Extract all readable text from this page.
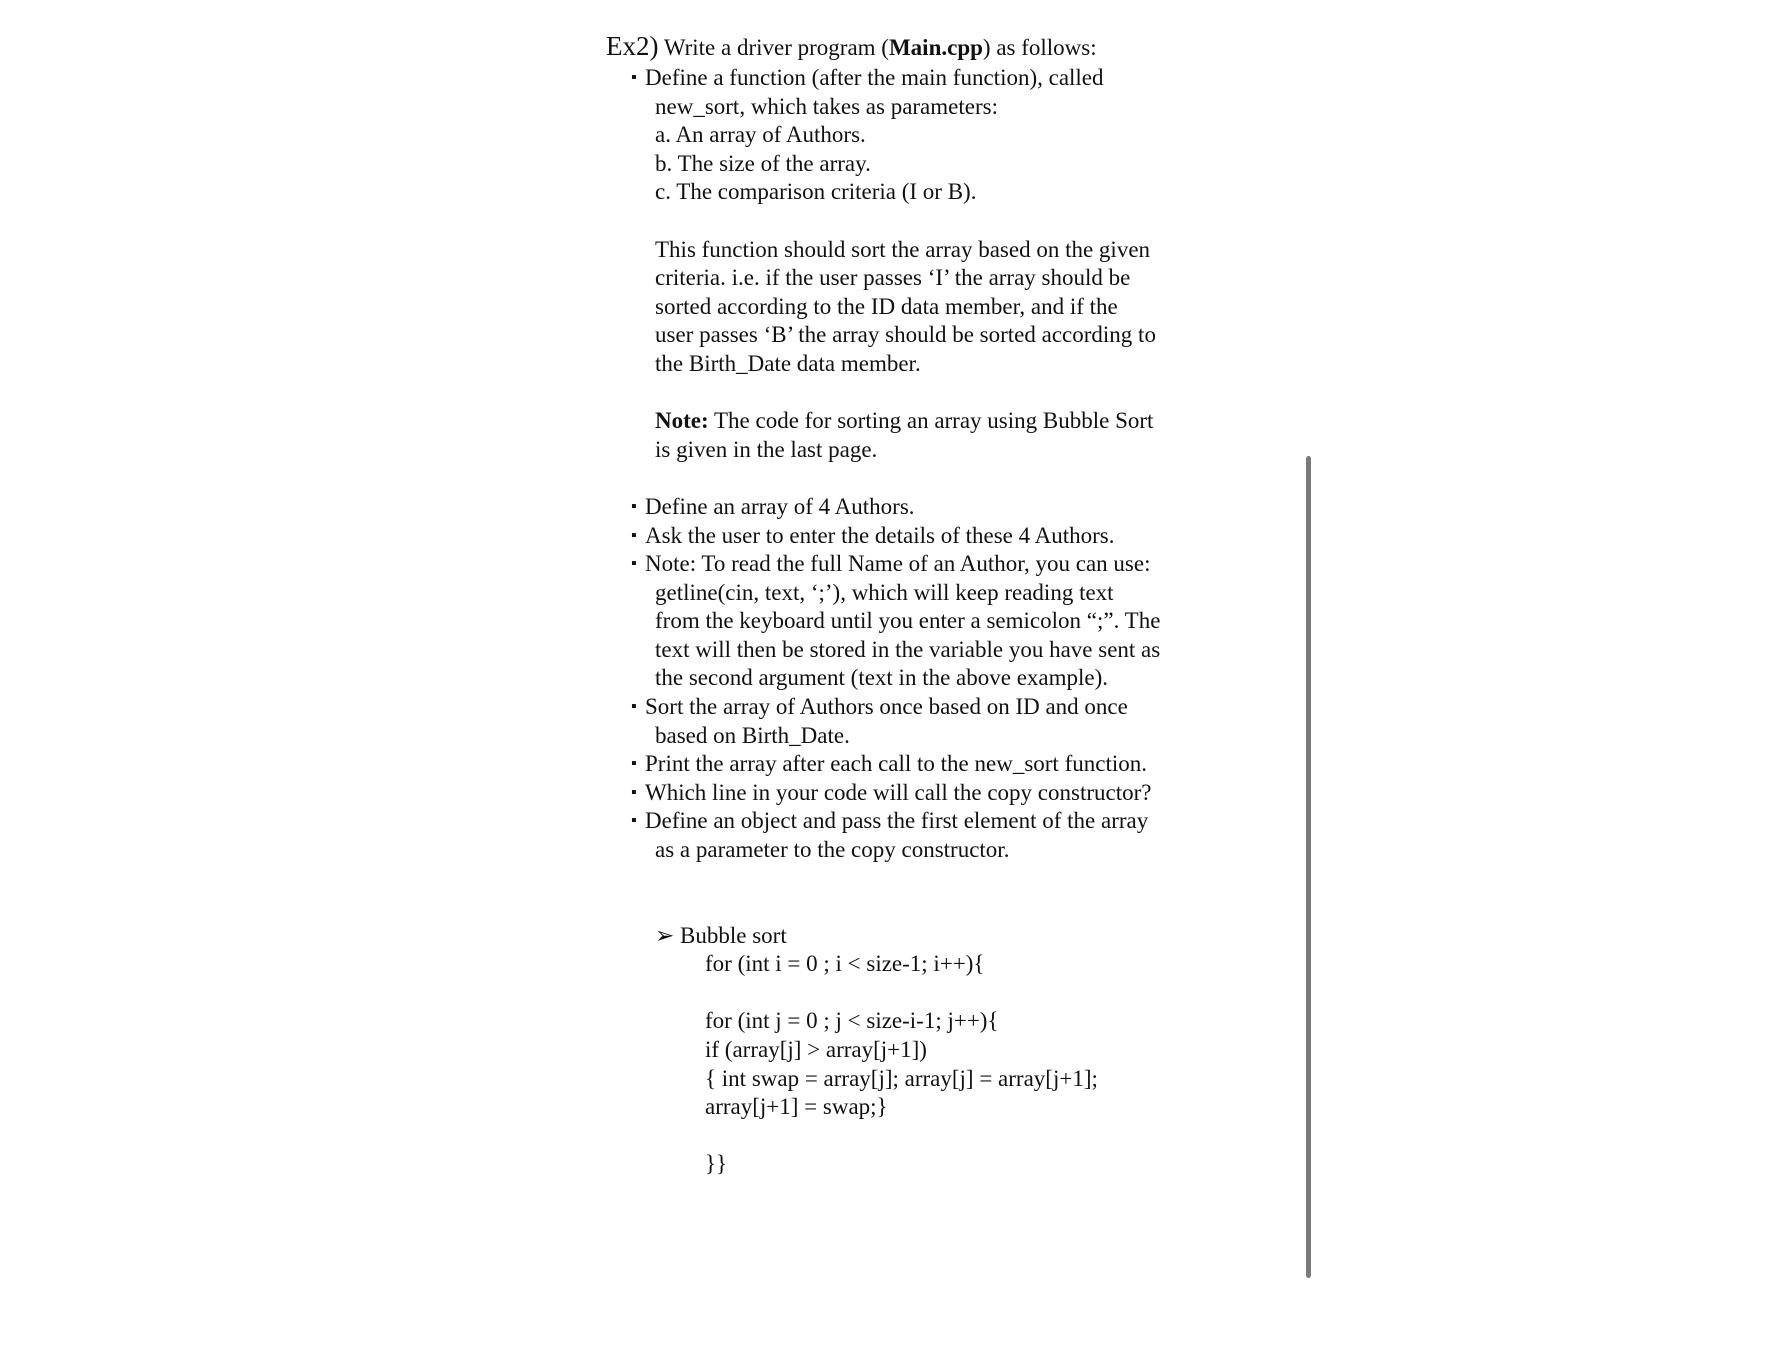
Ex2) Write a driver program (Main.cpp) as follows:
▪ Define a function (after the main function), called
new_sort, which takes as parameters:
a. An array of Authors.
b. The size of the array.
c. The comparison criteria (I or B).
This function should sort the array based on the given
criteria. i.e. if the user passes ‘I’ the array should be
sorted according to the ID data member, and if the
user passes ‘B’ the array should be sorted according to
the Birth_Date data member.
Note: The code for sorting an array using Bubble Sort
is given in the last page.
▪ Define an array of 4 Authors.
▪ Ask the user to enter the details of these 4 Authors.
▪ Note: To read the full Name of an Author, you can use:
getline(cin, text, ‘;’), which will keep reading text
from the keyboard until you enter a semicolon “;”. The
text will then be stored in the variable you have sent as
the second argument (text in the above example).
▪ Sort the array of Authors once based on ID and once
based on Birth_Date.
▪ Print the array after each call to the new_sort function.
▪ Which line in your code will call the copy constructor?
▪ Define an object and pass the first element of the array
as a parameter to the copy constructor.
➢ Bubble sort
for (int i = 0 ; i < size-1; i++){

for (int j = 0 ; j < size-i-1; j++){
if (array[j] > array[j+1])
{ int swap = array[j]; array[j] = array[j+1];
array[j+1] = swap;}

}}
